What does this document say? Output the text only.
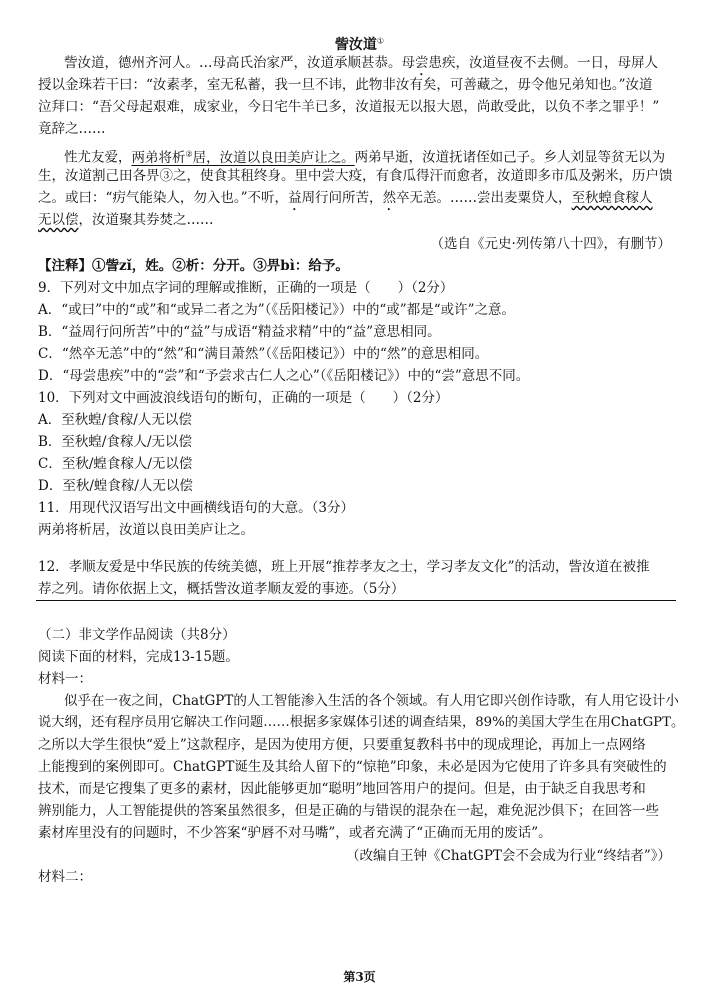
訾汝道①
訾汝道，德州齐河人。…母高氏治家严，汝道承顺甚恭。母尝患疾，汝道昼夜不去侧。一日，母屏人
授以金珠若干曰：“汝素孝，室无私蓄，我一旦不讳，此物非汝有矣，可善藏之，毋令他兄弟知也。”汝道
泣拜口：“吾父母起艰难，成家业，今日宅牛羊已多，汝道报无以报大恩，尚敢受此，以负不孝之罪乎！”
竟辞之……
性尤友爱，两弟将析②居，汝道以良田美庐让之。两弟早逝，汝道抚诸侄如己子。乡人刘显等贫无以为
生，汝道割己田各畀③之，使食其租终身。里中尝大疫，有食瓜得汗而愈者，汝道即多市瓜及粥米，历户馈
之。或曰：“疠气能染人，勿入也。”不听，益周行问所苦，然卒无恙。……尝出麦粟贷人，至秋蝗食稼人
无以偿，汝道聚其券焚之……
（选自《元史·列传第八十四》，有删节）
【注释】①訾zǐ，姓。②析：分开。③畀bì：给予。
9．下列对文中加点字词的理解或推断，正确的一项是（　　）（2分）
A．“或曰”中的“或”和“或异二者之为”（《岳阳楼记》）中的“或”都是“或许”之意。
B．“益周行问所苦”中的“益”与成语“精益求精”中的“益”意思相同。
C．“然卒无恙”中的“然”和“满目萧然”（《岳阳楼记》）中的“然”的意思相同。
D．“母尝患疾”中的“尝”和“予尝求古仁人之心”（《岳阳楼记》）中的“尝”意思不同。
10．下列对文中画波浪线语句的断句，正确的一项是（　　）（2分）
A．至秋蝗/食稼/人无以偿
B．至秋蝗/食稼人/无以偿
C．至秋/蝗食稼人/无以偿
D．至秋/蝗食稼/人无以偿
11．用现代汉语写出文中画横线语句的大意。（3分）
两弟将析居，汝道以良田美庐让之。
12．孝顺友爱是中华民族的传统美德，班上开展“推荐孝友之士，学习孝友文化”的活动，訾汝道在被推
荐之列。请你依据上文，概括訾汝道孝顺友爱的事迹。（5分）
（二）非文学作品阅读（共8分）
阅读下面的材料，完成13-15题。
材料一：
似乎在一夜之间，ChatGPT的人工智能渗入生活的各个领域。有人用它即兴创作诗歌，有人用它设计小
说大纲，还有程序员用它解决工作问题……根据多家媒体引述的调查结果，89%的美国大学生在用ChatGPT。
之所以大学生很快“爱上”这款程序，是因为使用方便，只要重复教科书中的现成理论，再加上一点网络
上能搜到的案例即可。ChatGPT诞生及其给人留下的“惊艳”印象，未必是因为它使用了许多具有突破性的
技术，而是它搜集了更多的素材，因此能够更加“聪明”地回答用户的提问。但是，由于缺乏自我思考和
辨别能力，人工智能提供的答案虽然很多，但是正确的与错误的混杂在一起，难免泥沙俱下；在回答一些
素材库里没有的问题时，不少答案“驴唇不对马嘴”，或者充满了“正确而无用的废话”。
（改编自王钟《ChatGPT会不会成为行业“终结者”》）
材料二：
第3页
